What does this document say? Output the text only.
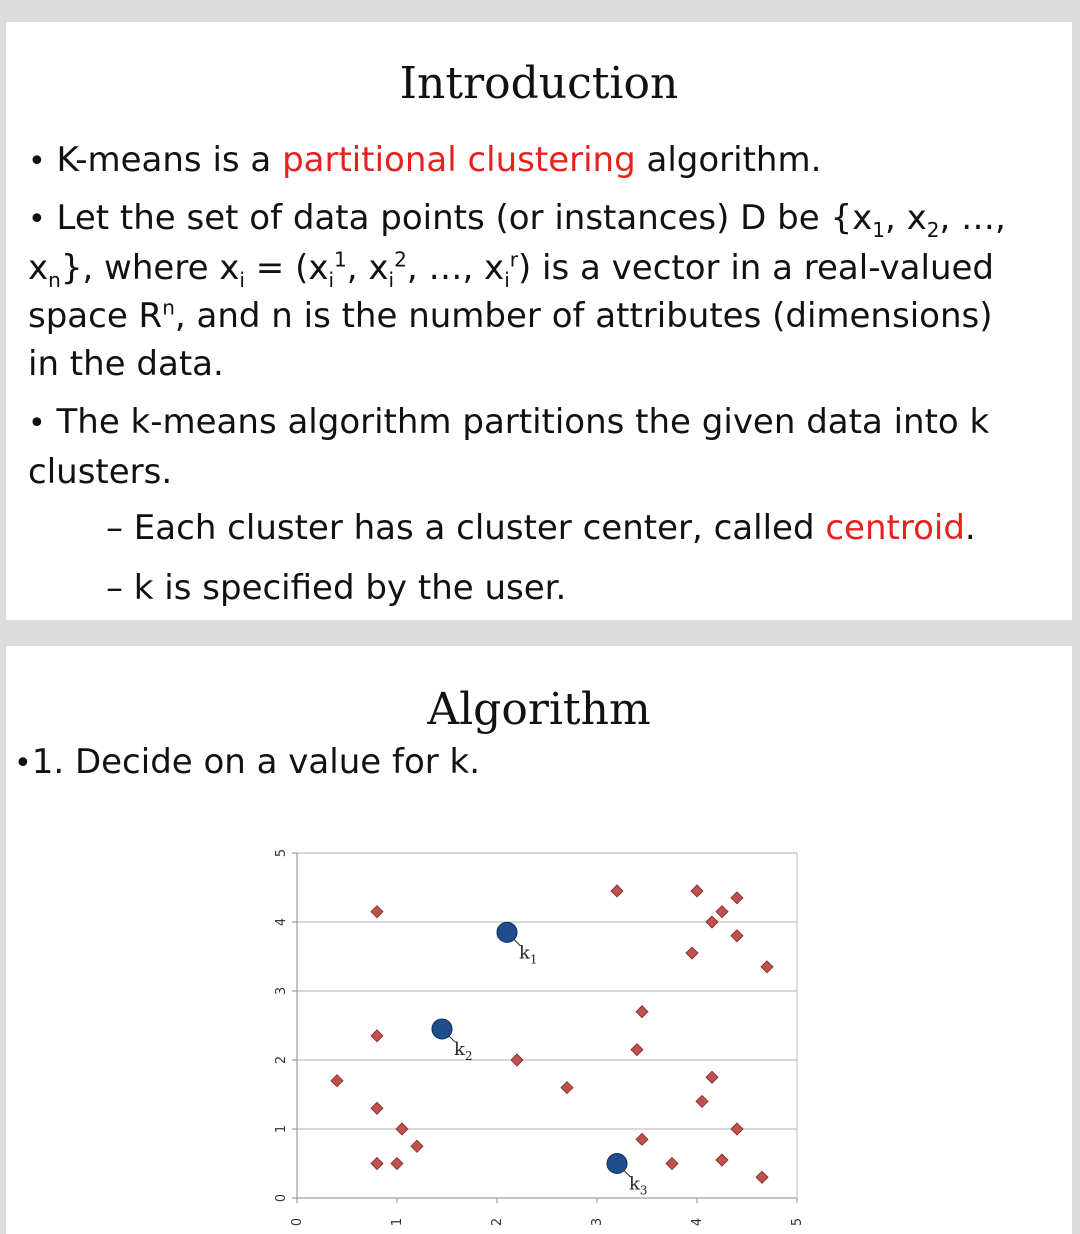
Introduction
• K-means is a partitional clustering algorithm.
• Let the set of data points (or instances) D be {$x_1$, $x_2$, …,
$x_n$}, where $x_i = (x_i^1$, $x_i^2$, …, $x_i^r$) is a vector in a real-valued
space $R^n$, and n is the number of attributes (dimensions)
in the data.
• The k-means algorithm partitions the given data into k
clusters.
– Each cluster has a cluster center, called centroid.
– k is specified by the user.
Algorithm
•1. Decide on a value for k.
0
1
2
3
4
5
0	1	2	3	4	5
$k_1$
$k_2$
$k_3$
